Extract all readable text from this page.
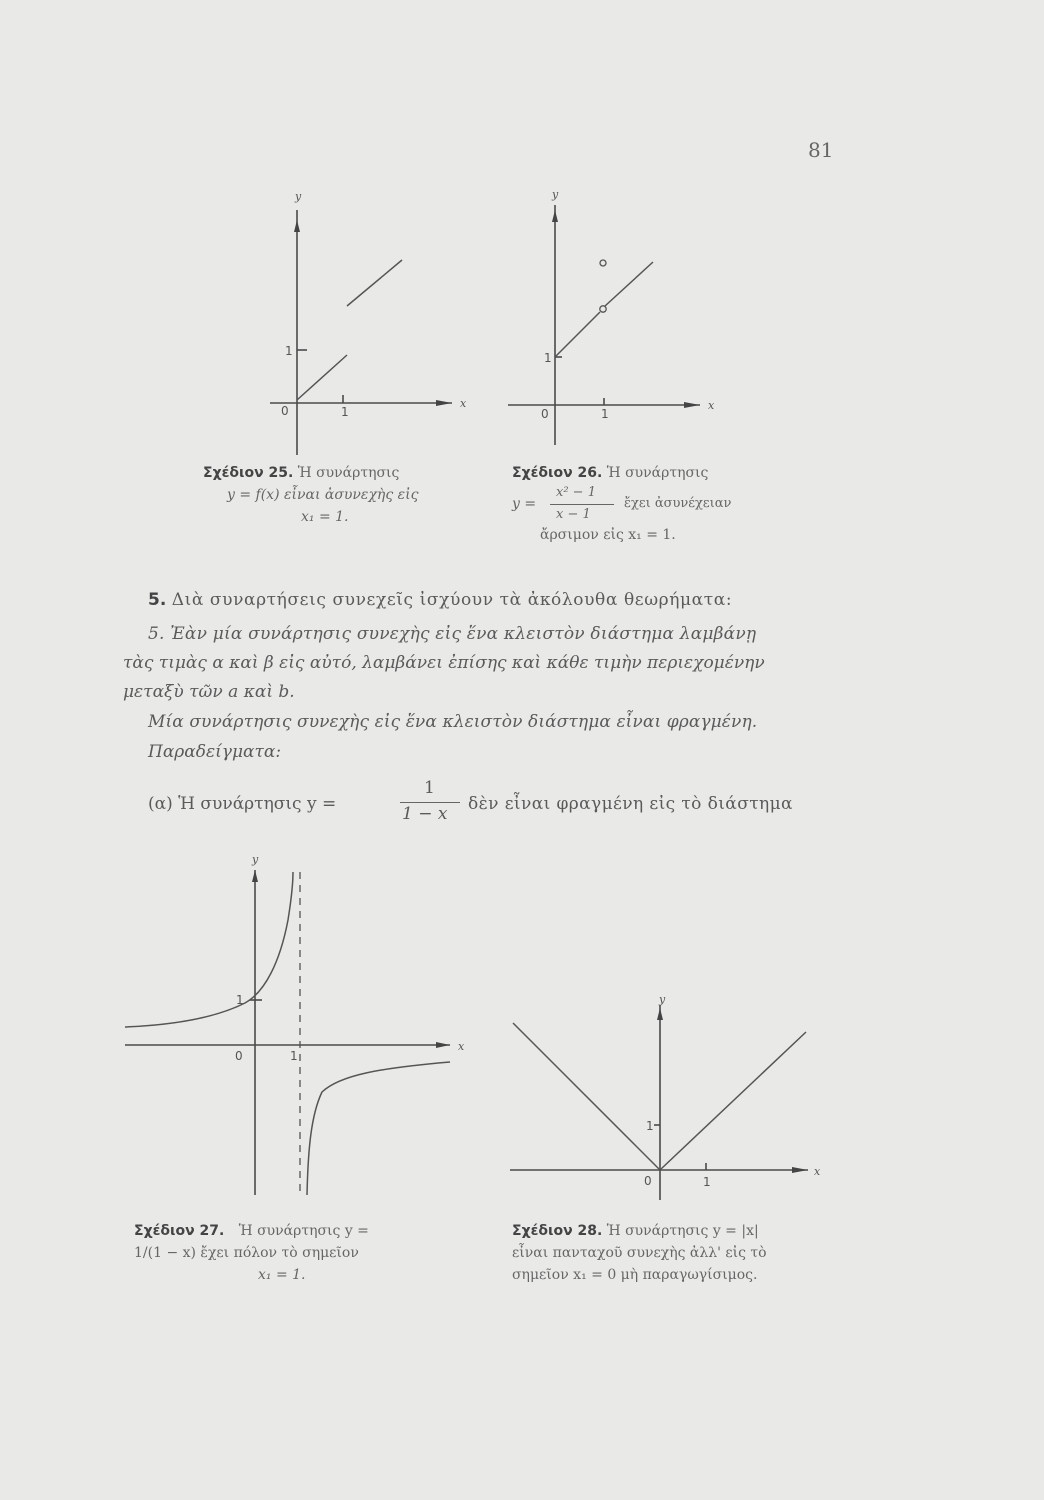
81
y
x
0	1
1
Σχέδιον 25. Ἡ συνάρτησις
y = f(x) εἶναι ἀσυνεχὴς εἰς
x₁ = 1.
y
x
0	1
1
Σχέδιον 26. Ἡ συνάρτησις
y =
x² − 1
x − 1
ἔχει ἀσυνέχειαν
ἄρσιμον εἰς x₁ = 1.
5. Διὰ συναρτήσεις συνεχεῖς ἰσχύουν τὰ ἀκόλουθα θεωρήματα:
5. Ἐὰν μία συνάρτησις συνεχὴς εἰς ἕνα κλειστὸν διάστημα λαμβάνῃ
τὰς τιμὰς α καὶ β εἰς αὐτό, λαμβάνει ἐπίσης καὶ κάθε τιμὴν περιεχομένην
μεταξὺ τῶν a καὶ b.
Μία συνάρτησις συνεχὴς εἰς ἕνα κλειστὸν διάστημα εἶναι φραγμένη.
Παραδείγματα:
(α) Ἡ συνάρτησις y =
1
1 − x δὲν εἶναι φραγμένη εἰς τὸ διάστημα
y
x
0	1
1
Σχέδιον 27. Ἡ συνάρτησις y =
1/(1 − x) ἔχει πόλον τὸ σημεῖον
x₁ = 1.
y
x
0	1
1
Σχέδιον 28. Ἡ συνάρτησις y = |x|
εἶναι πανταχοῦ συνεχὴς ἀλλ' εἰς τὸ
σημεῖον x₁ = 0 μὴ παραγωγίσιμος.
